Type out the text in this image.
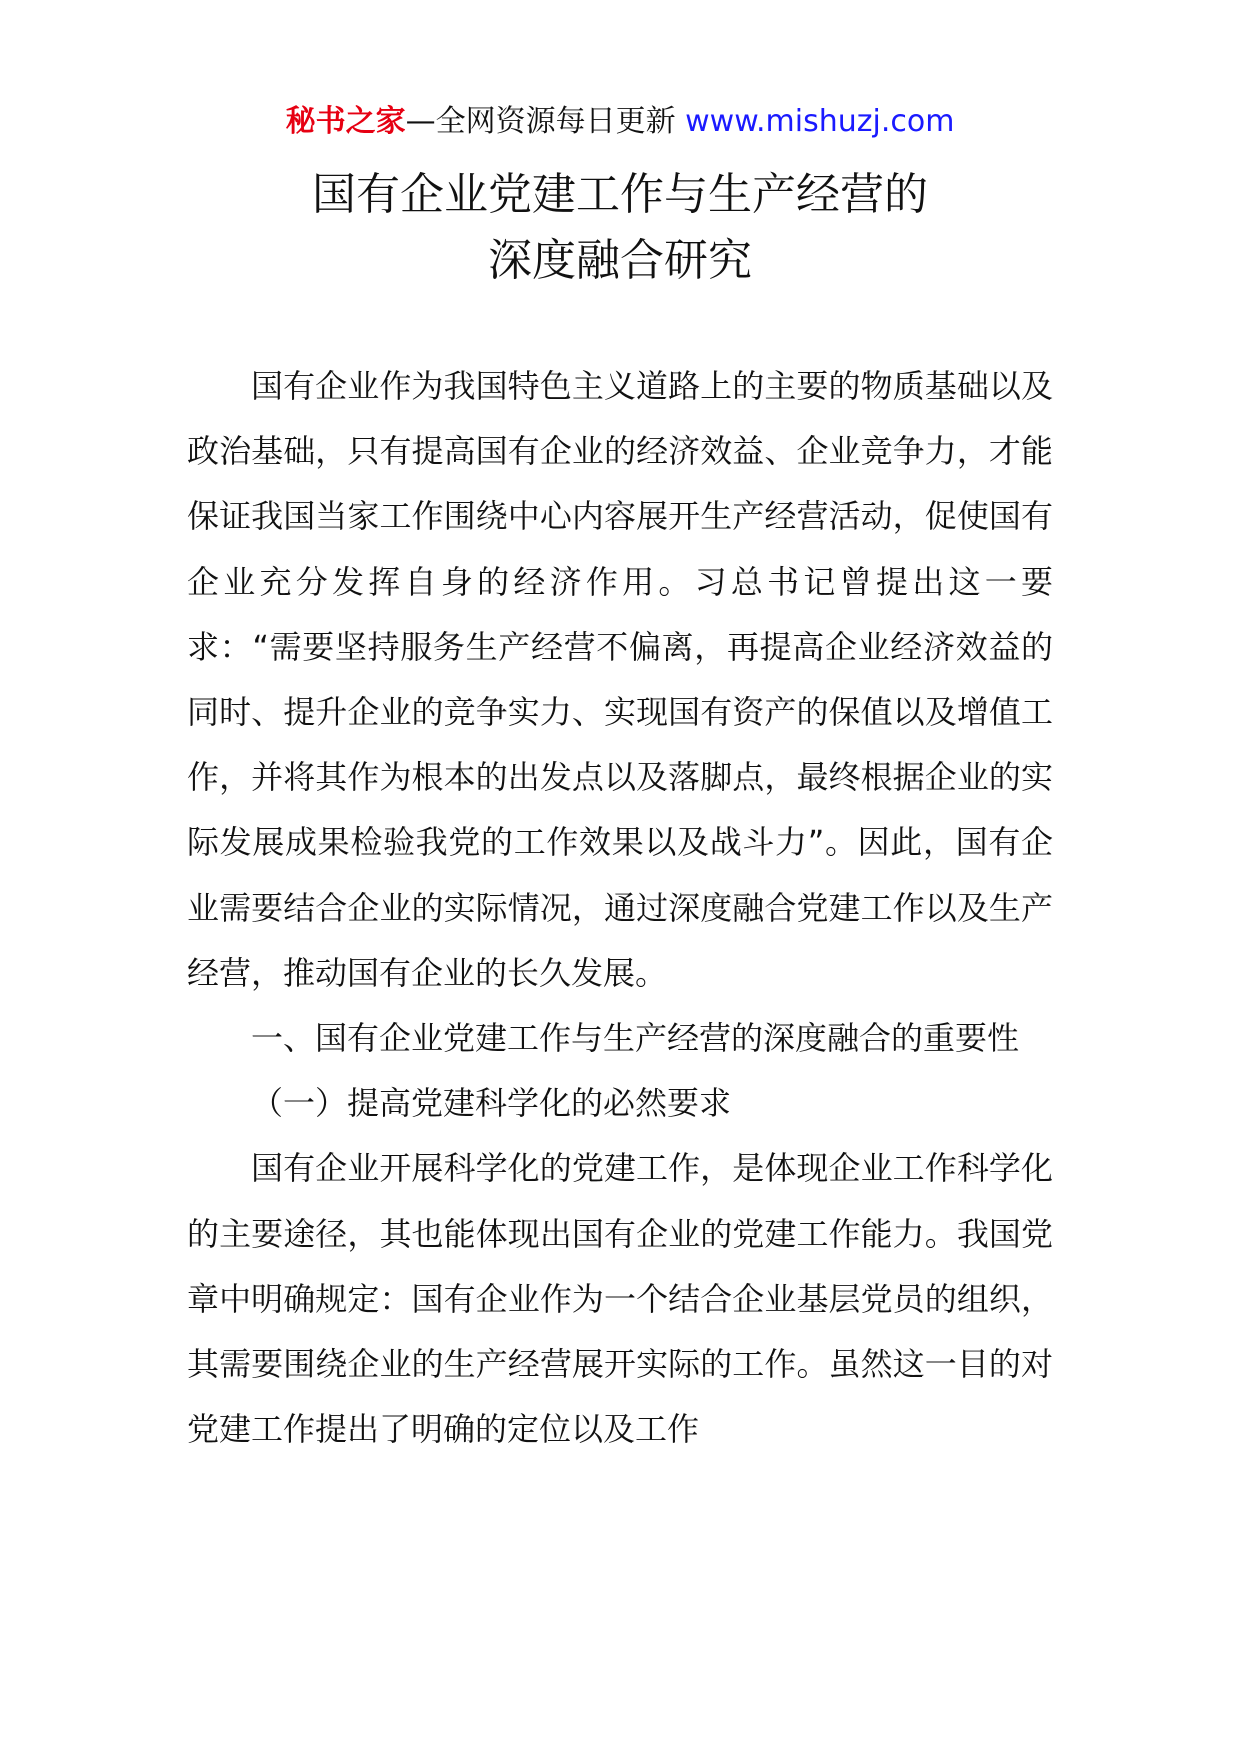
秘书之家—全网资源每日更新 www.mishuzj.com
国有企业党建工作与生产经营的
深度融合研究

国有企业作为我国特色主义道路上的主要的物质基础以及政治基础，只有提高国有企业的经济效益、企业竞争力，才能保证我国当家工作围绕中心内容展开生产经营活动，促使国有企业充分发挥自身的经济作用。习总书记曾提出这一要求：“需要坚持服务生产经营不偏离，再提高企业经济效益的同时、提升企业的竞争实力、实现国有资产的保值以及增值工作，并将其作为根本的出发点以及落脚点，最终根据企业的实际发展成果检验我党的工作效果以及战斗力”。因此，国有企业需要结合企业的实际情况，通过深度融合党建工作以及生产经营，推动国有企业的长久发展。

一、国有企业党建工作与生产经营的深度融合的重要性

（一）提高党建科学化的必然要求

国有企业开展科学化的党建工作，是体现企业工作科学化的主要途径，其也能体现出国有企业的党建工作能力。我国党章中明确规定：国有企业作为一个结合企业基层党员的组织，其需要围绕企业的生产经营展开实际的工作。虽然这一目的对党建工作提出了明确的定位以及工作
